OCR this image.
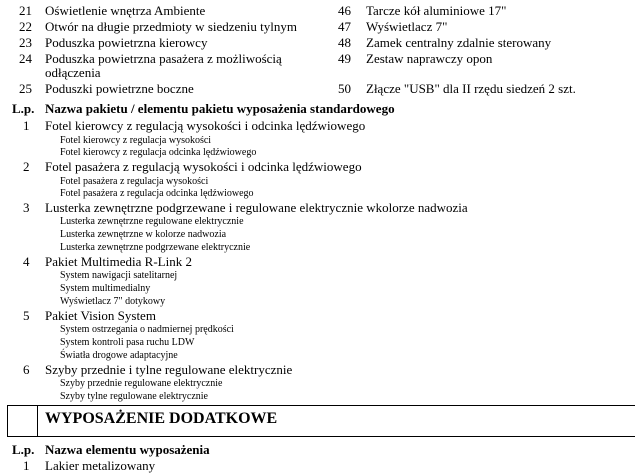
21 Oświetlenie wnętrza Ambiente
22 Otwór na długie przedmioty w siedzeniu tylnym
23 Poduszka powietrzna kierowcy
24 Poduszka powietrzna pasażera z możliwością
odłączenia
25 Poduszki powietrzne boczne
46 Tarcze kół aluminiowe 17"
47 Wyświetlacz 7"
48 Zamek centralny zdalnie sterowany
49 Zestaw naprawczy opon
50 Złącze "USB" dla II rzędu siedzeń 2 szt.
L.p. Nazwa pakietu / elementu pakietu wyposażenia standardowego
1 Fotel kierowcy z regulacją wysokości i odcinka lędźwiowego
Fotel kierowcy z regulacja wysokości
Fotel kierowcy z regulacja odcinka lędźwiowego
2 Fotel pasażera z regulacją wysokości i odcinka lędźwiowego
Fotel pasażera z regulacja wysokości
Fotel pasażera z regulacja odcinka lędźwiowego
3 Lusterka zewnętrzne podgrzewane i regulowane elektrycznie wkolorze nadwozia
Lusterka zewnętrzne regulowane elektrycznie
Lusterka zewnętrzne w kolorze nadwozia
Lusterka zewnętrzne podgrzewane elektrycznie
4 Pakiet Multimedia R-Link 2
System nawigacji satelitarnej
System multimedialny
Wyświetlacz 7" dotykowy
5 Pakiet Vision System
System ostrzegania o nadmiernej prędkości
System kontroli pasa ruchu LDW
Światła drogowe adaptacyjne
6 Szyby przednie i tylne regulowane elektrycznie
Szyby przednie regulowane elektrycznie
Szyby tylne regulowane elektrycznie
WYPOSAŻENIE DODATKOWE
L.p. Nazwa elementu wyposażenia
1 Lakier metalizowany
